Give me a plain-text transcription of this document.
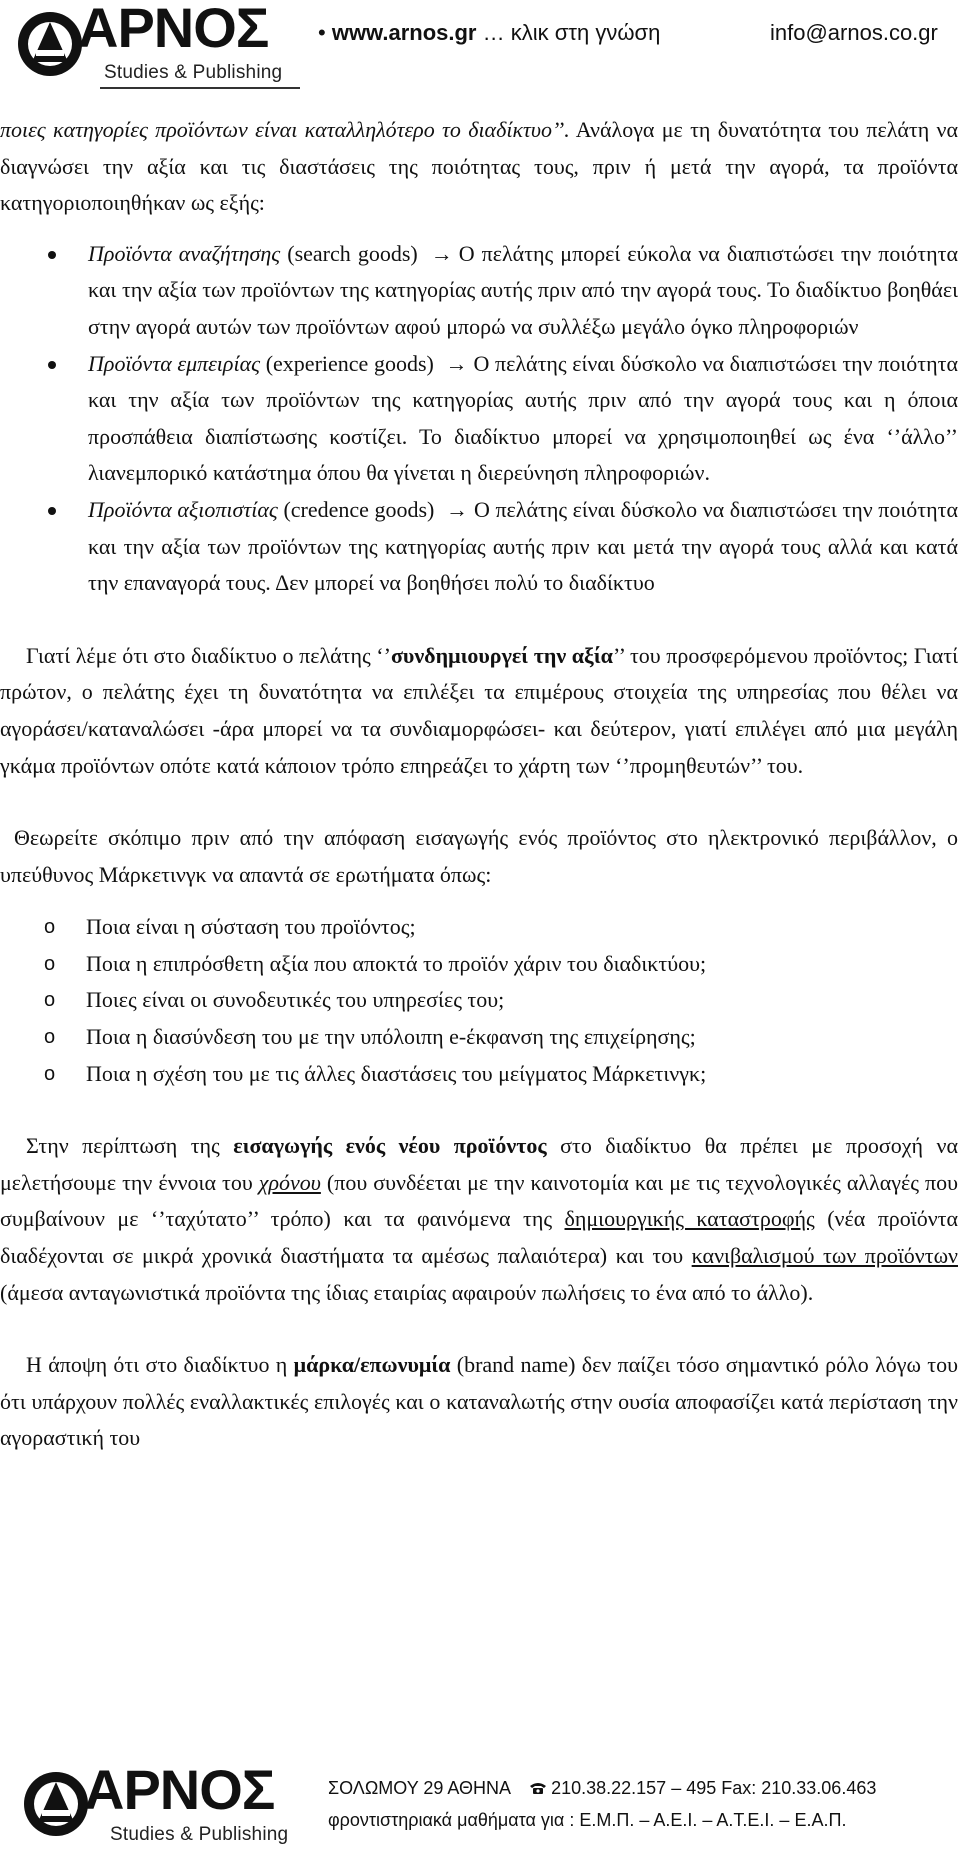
ΑΡΝΟΣ
Studies & Publishing
• www.arnos.gr … κλικ στη γνώση	info@arnos.co.gr

ποιες κατηγορίες προϊόντων είναι καταλληλότερο το διαδίκτυο’’. Ανάλογα με τη δυνατότητα του πελάτη να διαγνώσει την αξία και τις διαστάσεις της ποιότητας τους, πριν ή μετά την αγορά, τα προϊόντα κατηγοριοποιηθήκαν ως εξής:

Προϊόντα αναζήτησης (search goods) → Ο πελάτης μπορεί εύκολα να διαπιστώσει την ποιότητα και την αξία των προϊόντων της κατηγορίας αυτής πριν από την αγορά τους. Το διαδίκτυο βοηθάει στην αγορά αυτών των προϊόντων αφού μπορώ να συλλέξω μεγάλο όγκο πληροφοριών
Προϊόντα εμπειρίας (experience goods) → Ο πελάτης είναι δύσκολο να διαπιστώσει την ποιότητα και την αξία των προϊόντων της κατηγορίας αυτής πριν από την αγορά τους και η όποια προσπάθεια διαπίστωσης κοστίζει. Το διαδίκτυο μπορεί να χρησιμοποιηθεί ως ένα ‘’άλλο’’ λιανεμπορικό κατάστημα όπου θα γίνεται η διερεύνηση πληροφοριών.
Προϊόντα αξιοπιστίας (credence goods) → Ο πελάτης είναι δύσκολο να διαπιστώσει την ποιότητα και την αξία των προϊόντων της κατηγορίας αυτής πριν και μετά την αγορά τους αλλά και κατά την επαναγορά τους. Δεν μπορεί να βοηθήσει πολύ το διαδίκτυο

Γιατί λέμε ότι στο διαδίκτυο ο πελάτης ‘’συνδημιουργεί την αξία’’ του προσφερόμενου προϊόντος; Γιατί πρώτον, ο πελάτης έχει τη δυνατότητα να επιλέξει τα επιμέρους στοιχεία της υπηρεσίας που θέλει να αγοράσει/καταναλώσει -άρα μπορεί να τα συνδιαμορφώσει- και δεύτερον, γιατί επιλέγει από μια μεγάλη γκάμα προϊόντων οπότε κατά κάποιον τρόπο επηρεάζει το χάρτη των ‘’προμηθευτών’’ του.

Θεωρείτε σκόπιμο πριν από την απόφαση εισαγωγής ενός προϊόντος στο ηλεκτρονικό περιβάλλον, ο υπεύθυνος Μάρκετινγκ να απαντά σε ερωτήματα όπως:

o Ποια είναι η σύσταση του προϊόντος;
o Ποια η επιπρόσθετη αξία που αποκτά το προϊόν χάριν του διαδικτύου;
o Ποιες είναι οι συνοδευτικές του υπηρεσίες του;
o Ποια η διασύνδεση του με την υπόλοιπη e-έκφανση της επιχείρησης;
o Ποια η σχέση του με τις άλλες διαστάσεις του μείγματος Μάρκετινγκ;

Στην περίπτωση της εισαγωγής ενός νέου προϊόντος στο διαδίκτυο θα πρέπει με προσοχή να μελετήσουμε την έννοια του χρόνου (που συνδέεται με την καινοτομία και με τις τεχνολογικές αλλαγές που συμβαίνουν με ‘’ταχύτατο’’ τρόπο) και τα φαινόμενα της δημιουργικής καταστροφής (νέα προϊόντα διαδέχονται σε μικρά χρονικά διαστήματα τα αμέσως παλαιότερα) και του κανιβαλισμού των προϊόντων (άμεσα ανταγωνιστικά προϊόντα της ίδιας εταιρίας αφαιρούν πωλήσεις το ένα από το άλλο).

Η άποψη ότι στο διαδίκτυο η μάρκα/επωνυμία (brand name) δεν παίζει τόσο σημαντικό ρόλο λόγω του ότι υπάρχουν πολλές εναλλακτικές επιλογές και ο καταναλωτής στην ουσία αποφασίζει κατά περίσταση την αγοραστική του

ΑΡΝΟΣ
Studies & Publishing
ΣΟΛΩΜΟΥ 29 ΑΘΗΝΑ 210.38.22.157 – 495 Fax: 210.33.06.463
φροντιστηριακά μαθήματα για : Ε.Μ.Π. – Α.Ε.Ι. – Α.Τ.Ε.Ι. – Ε.Α.Π.
